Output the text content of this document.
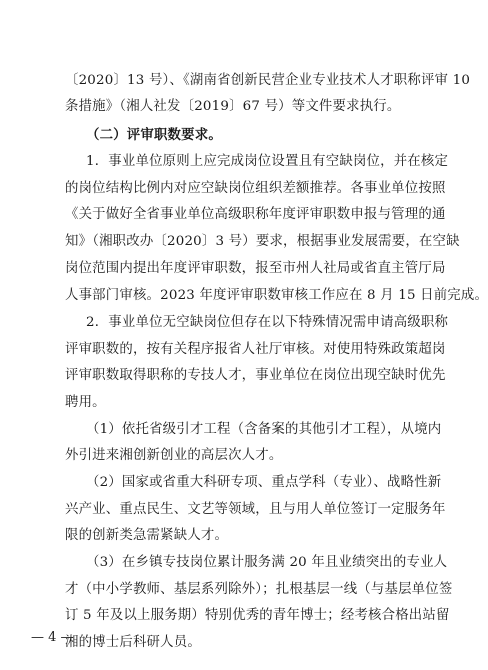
〔2020〕13 号）、《湖南省创新民营企业专业技术人才职称评审 10
条措施》（湘人社发〔2019〕67 号）等文件要求执行。
（二）评审职数要求。
1．事业单位原则上应完成岗位设置且有空缺岗位，并在核定
的岗位结构比例内对应空缺岗位组织差额推荐。各事业单位按照
《关于做好全省事业单位高级职称年度评审职数申报与管理的通
知》（湘职改办〔2020〕3 号）要求，根据事业发展需要，在空缺
岗位范围内提出年度评审职数，报至市州人社局或省直主管厅局
人事部门审核。2023 年度评审职数审核工作应在 8 月 15 日前完成。
2．事业单位无空缺岗位但存在以下特殊情况需申请高级职称
评审职数的，按有关程序报省人社厅审核。对使用特殊政策超岗
评审职数取得职称的专技人才，事业单位在岗位出现空缺时优先
聘用。
（1）依托省级引才工程（含备案的其他引才工程），从境内
外引进来湘创新创业的高层次人才。
（2）国家或省重大科研专项、重点学科（专业）、战略性新
兴产业、重点民生、文艺等领域，且与用人单位签订一定服务年
限的创新类急需紧缺人才。
（3）在乡镇专技岗位累计服务满 20 年且业绩突出的专业人
才（中小学教师、基层系列除外）；扎根基层一线（与基层单位签
订 5 年及以上服务期）特别优秀的青年博士；经考核合格出站留
湘的博士后科研人员。
— 4 —
